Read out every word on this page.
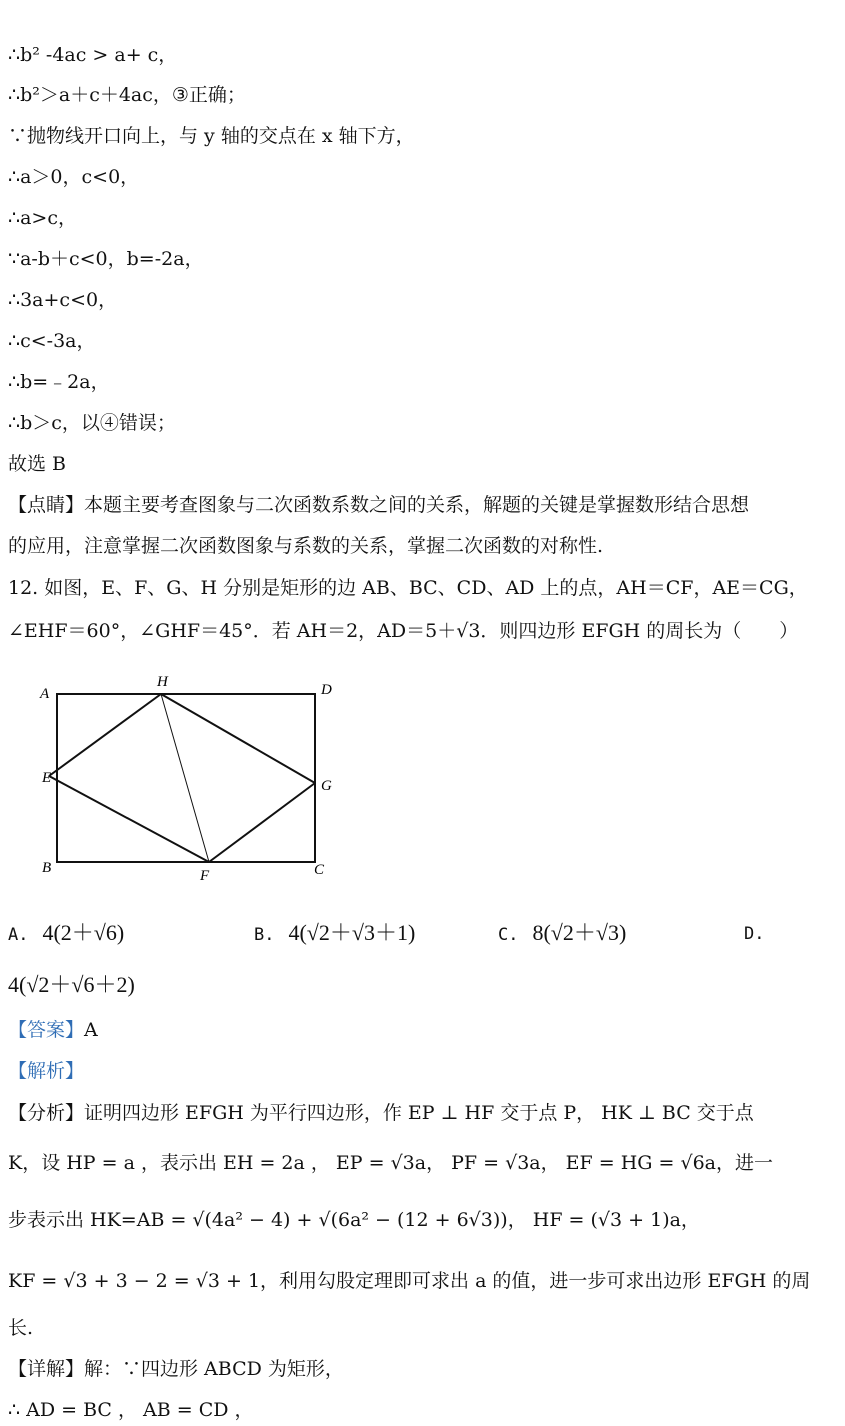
∴b² -4ac > a+ c，
∴b²＞a＋c＋4ac，③正确；
∵抛物线开口向上，与 y 轴的交点在 x 轴下方，
∴a＞0，c<0，
∴a>c，
∵a-b＋c<0，b=-2a，
∴3a+c<0，
∴c<-3a，
∴b=﹣2a，
∴b＞c，以④错误；
故选 B
【点睛】本题主要考查图象与二次函数系数之间的关系，解题的关键是掌握数形结合思想
的应用，注意掌握二次函数图象与系数的关系，掌握二次函数的对称性.
12. 如图，E、F、G、H 分别是矩形的边 AB、BC、CD、AD 上的点，AH＝CF，AE＝CG，
∠EHF＝60°，∠GHF＝45°．若 AH＝2，AD＝5＋√3．则四边形 EFGH 的周长为（　　）
A
H	D
E	G
B	F	C
A. 4(2＋√6)	B. 4(√2＋√3＋1)	C. 8(√2＋√3)	D.
4(√2＋√6＋2)
【答案】A
【解析】
【分析】证明四边形 EFGH 为平行四边形，作 EP ⊥ HF 交于点 P， HK ⊥ BC 交于点
K，设 HP = a ，表示出 EH = 2a ， EP = √3a， PF = √3a， EF = HG = √6a，进一
步表示出 HK=AB = √(4a² − 4) + √(6a² − (12 + 6√3))， HF = (√3 + 1)a，
KF = √3 + 3 − 2 = √3 + 1，利用勾股定理即可求出 a 的值，进一步可求出边形 EFGH 的周
长.
【详解】解：∵四边形 ABCD 为矩形，
∴ AD = BC ， AB = CD ，
